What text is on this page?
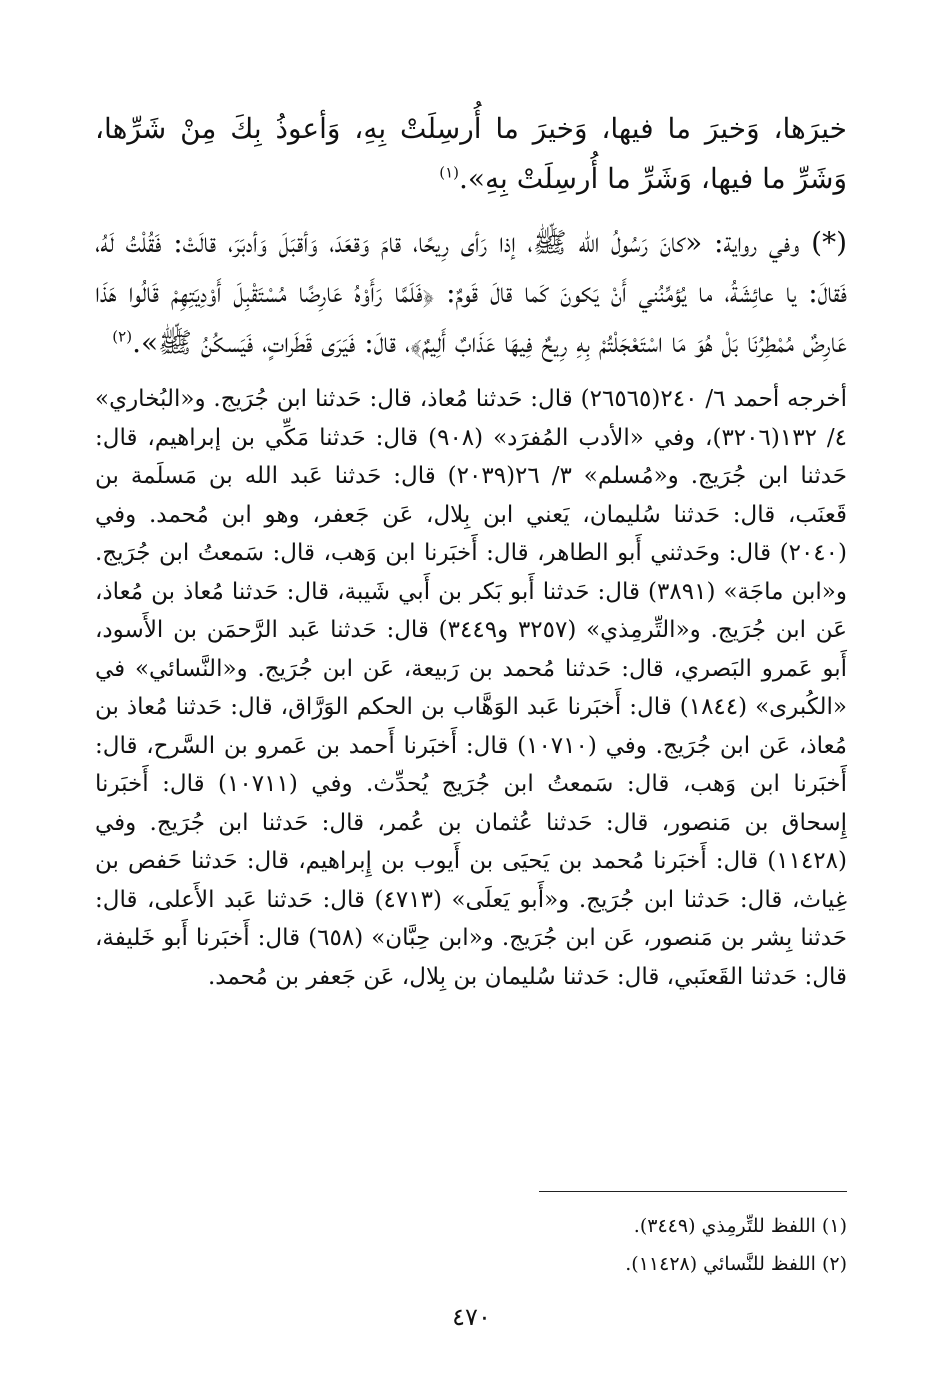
خيرَها، وَخيرَ ما فيها، وَخيرَ ما أُرسِلَتْ بِهِ، وَأعوذُ بِكَ مِنْ شَرِّها، وَشَرِّ ما فيها، وَشَرِّ ما أُرسِلَتْ بِهِ».$^{(١)}$

(*) وفي رواية: «كانَ رَسُولُ الله ﷺ، إذا رَأى رِيحًا، قامَ وَقعَدَ، وَأقبَلَ وَأدبَرَ، قالَتْ: فَقُلْتُ لَهُ، فَقالَ: يا عائِشَةُ، ما يُؤمِّنُني أَنْ يَكونَ كَما قالَ قَومٌ: ﴿فَلَمَّا رَأَوْهُ عَارِضًا مُسْتَقْبِلَ أَوْدِيَتِهِمْ قَالُوا هَذَا عَارِضٌ مُمْطِرُنَا بَلْ هُوَ مَا اسْتَعْجَلْتُمْ بِهِ رِيحٌ فِيهَا عَذَابٌ أَلِيمٌ﴾، قالَ: فَيَرَى قَطَراتٍ، فَيَسكُنُ ﷺ».$^{(٢)}$

أخرجه أحمد ٦/ ٢٤٠(٢٦٥٦٥) قال: حَدثنا مُعاذ، قال: حَدثنا ابن جُرَيج. و«البُخاري» ٤/ ١٣٢(٣٢٠٦)، وفي «الأدب المُفرَد» (٩٠٨) قال: حَدثنا مَكِّي بن إبراهيم، قال: حَدثنا ابن جُرَيج. و«مُسلم» ٣/ ٢٦(٢٠٣٩) قال: حَدثنا عَبد الله بن مَسلَمة بن قَعنَب، قال: حَدثنا سُليمان، يَعني ابن بِلال، عَن جَعفر، وهو ابن مُحمد. وفي (٢٠٤٠) قال: وحَدثني أَبو الطاهر، قال: أَخبَرنا ابن وَهب، قال: سَمعتُ ابن جُرَيج. و«ابن ماجَة» (٣٨٩١) قال: حَدثنا أَبو بَكر بن أَبي شَيبة، قال: حَدثنا مُعاذ بن مُعاذ، عَن ابن جُرَيج. و«التِّرمِذي» (٣٢٥٧ و٣٤٤٩) قال: حَدثنا عَبد الرَّحمَن بن الأَسود، أَبو عَمرو البَصري، قال: حَدثنا مُحمد بن رَبيعة، عَن ابن جُرَيج. و«النَّسائي» في «الكُبرى» (١٨٤٤) قال: أَخبَرنا عَبد الوَهَّاب بن الحكم الوَرَّاق، قال: حَدثنا مُعاذ بن مُعاذ، عَن ابن جُرَيج. وفي (١٠٧١٠) قال: أَخبَرنا أَحمد بن عَمرو بن السَّرح، قال: أَخبَرنا ابن وَهب، قال: سَمعتُ ابن جُرَيج يُحدِّث. وفي (١٠٧١١) قال: أَخبَرنا إِسحاق بن مَنصور، قال: حَدثنا عُثمان بن عُمر، قال: حَدثنا ابن جُرَيج. وفي (١١٤٢٨) قال: أَخبَرنا مُحمد بن يَحيَى بن أَيوب بن إِبراهيم، قال: حَدثنا حَفص بن غِياث، قال: حَدثنا ابن جُرَيج. و«أَبو يَعلَى» (٤٧١٣) قال: حَدثنا عَبد الأَعلى، قال: حَدثنا بِشر بن مَنصور، عَن ابن جُرَيج. و«ابن حِبَّان» (٦٥٨) قال: أَخبَرنا أَبو خَليفة، قال: حَدثنا القَعنَبي، قال: حَدثنا سُليمان بن بِلال، عَن جَعفر بن مُحمد.

(١) اللفظ للتِّرمِذي (٣٤٤٩).

(٢) اللفظ للنَّسائي (١١٤٢٨).

٤٧٠
